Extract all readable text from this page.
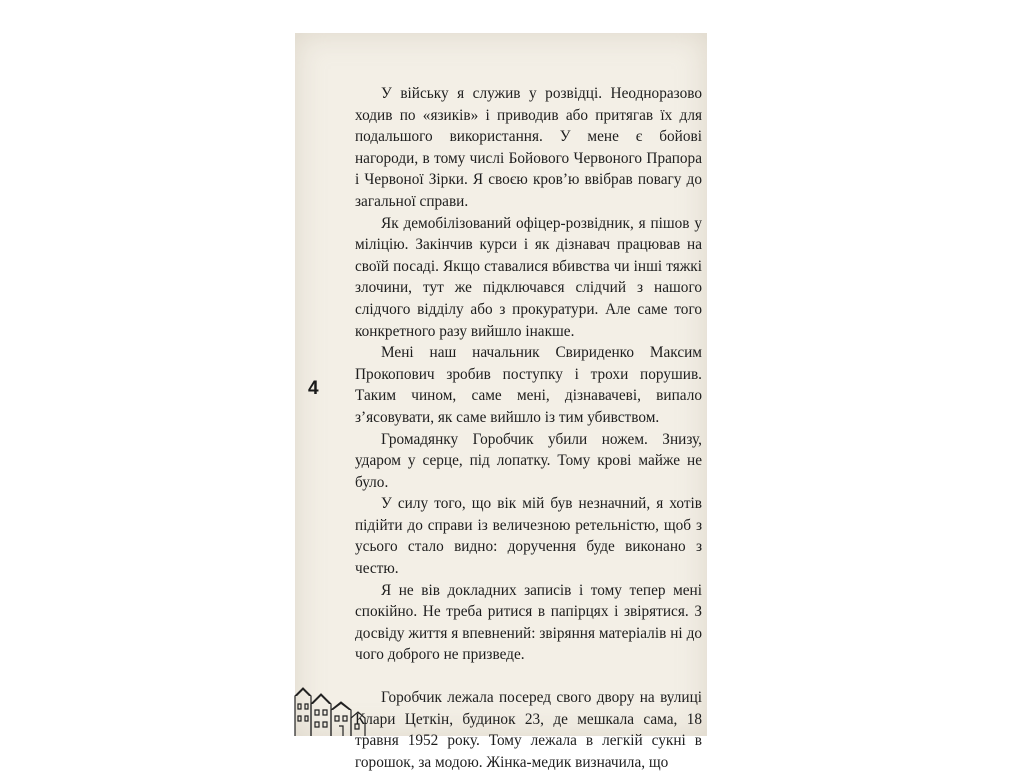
4

У війську я служив у розвідці. Неодноразово ходив по «язиків» і приводив або притягав їх для подальшого використання. У мене є бойові нагороди, в тому числі Бойового Червоного Прапора і Червоної Зірки. Я своєю кров’ю ввібрав повагу до загальної справи.

Як демобілізований офіцер-розвідник, я пішов у міліцію. Закінчив курси і як дізнавач працював на своїй посаді. Якщо ставалися вбивства чи інші тяжкі злочини, тут же підключався слідчий з нашого слідчого відділу або з прокуратури. Але саме того конкретного разу вийшло інакше.

Мені наш начальник Свириденко Максим Прокопович зробив поступку і трохи порушив. Таким чином, саме мені, дізнавачеві, випало з’ясовувати, як саме вийшло із тим убивством.

Громадянку Горобчик убили ножем. Знизу, ударом у серце, під лопатку. Тому крові майже не було.

У силу того, що вік мій був незначний, я хотів підійти до справи із величезною ретельністю, щоб з усього стало видно: доручення буде виконано з честю.

Я не вів докладних записів і тому тепер мені спокійно. Не треба ритися в папірцях і звірятися. З досвіду життя я впевнений: звіряння матеріалів ні до чого доброго не призведе.

Горобчик лежала посеред свого двору на вулиці Клари Цеткін, будинок 23, де мешкала сама, 18 травня 1952 року. Тому лежала в легкій сукні в горошок, за модою. Жінка-медик визначила, що
